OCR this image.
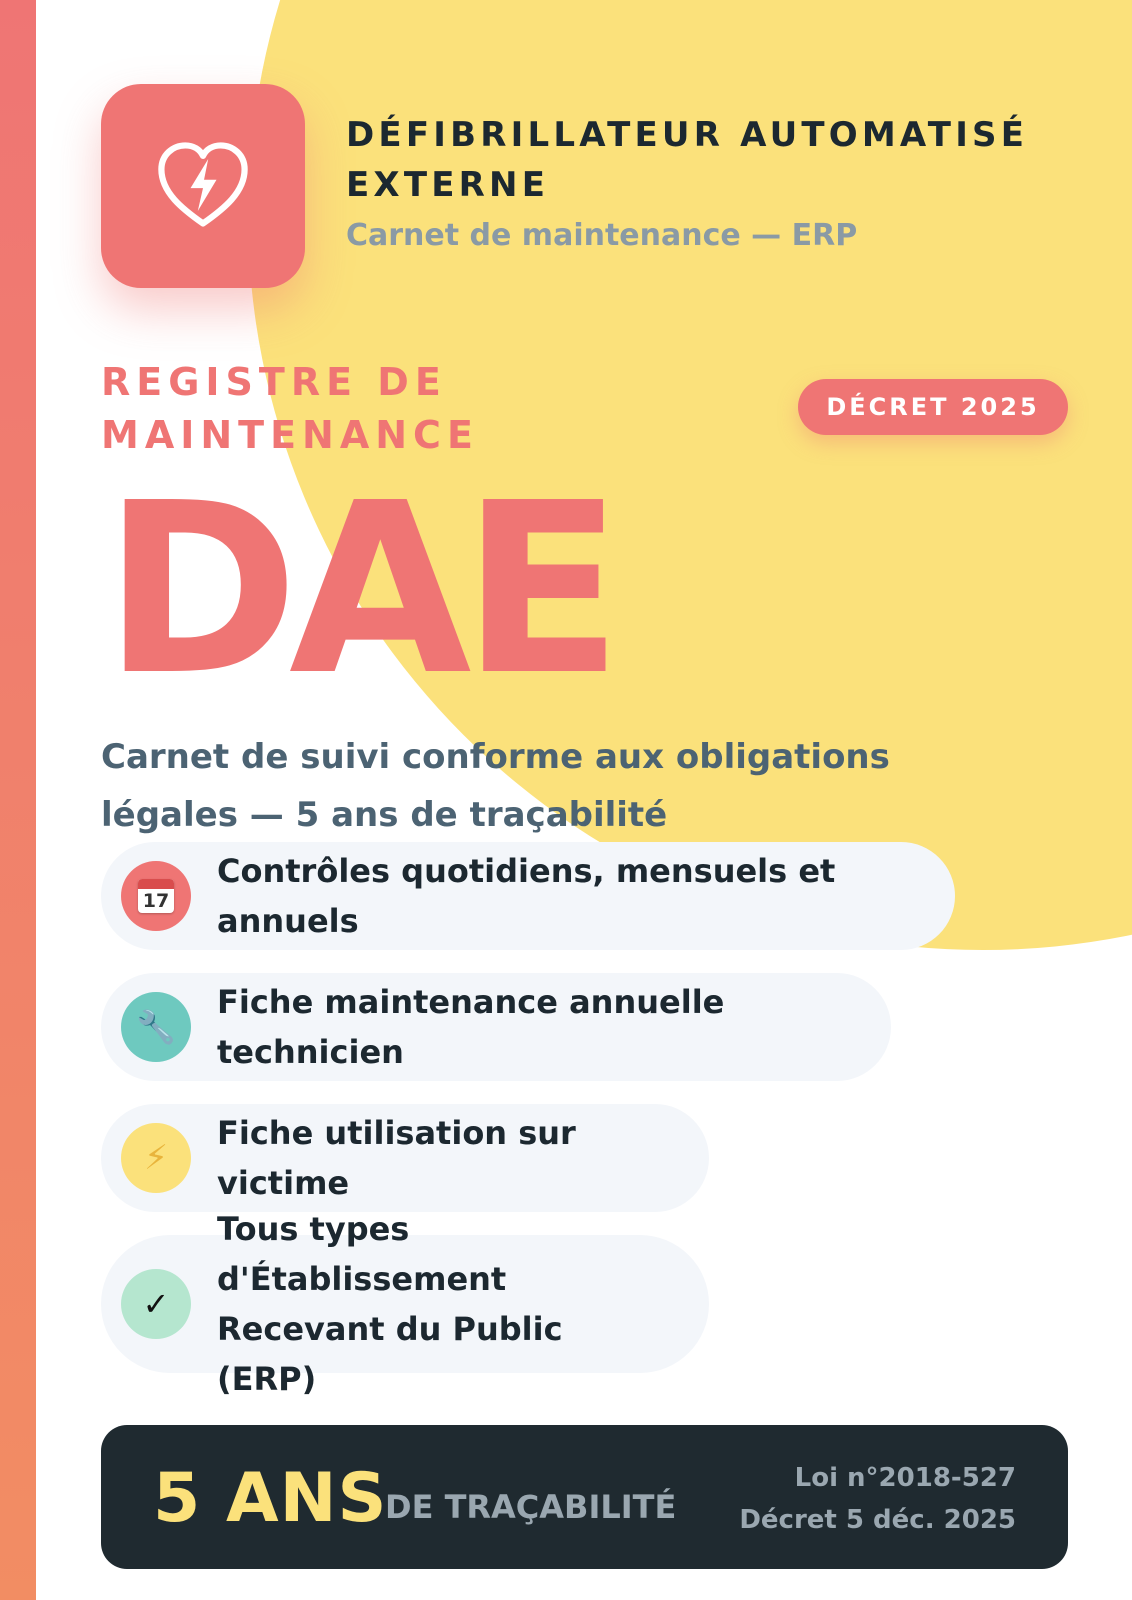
DÉFIBRILLATEUR AUTOMATISÉ EXTERNE
Carnet de maintenance — ERP
REGISTRE DE MAINTENANCE
DÉCRET 2025
DAE
Carnet de suivi conforme aux obligations légales — 5 ans de traçabilité
17
Contrôles quotidiens, mensuels et annuels
🔧
Fiche maintenance annuelle technicien
⚡
Fiche utilisation sur victime
✓
Tous types d'Établissement Recevant du Public (ERP)
5 ANS
DE TRAÇABILITÉ
Loi n°2018-527
Décret 5 déc. 2025
